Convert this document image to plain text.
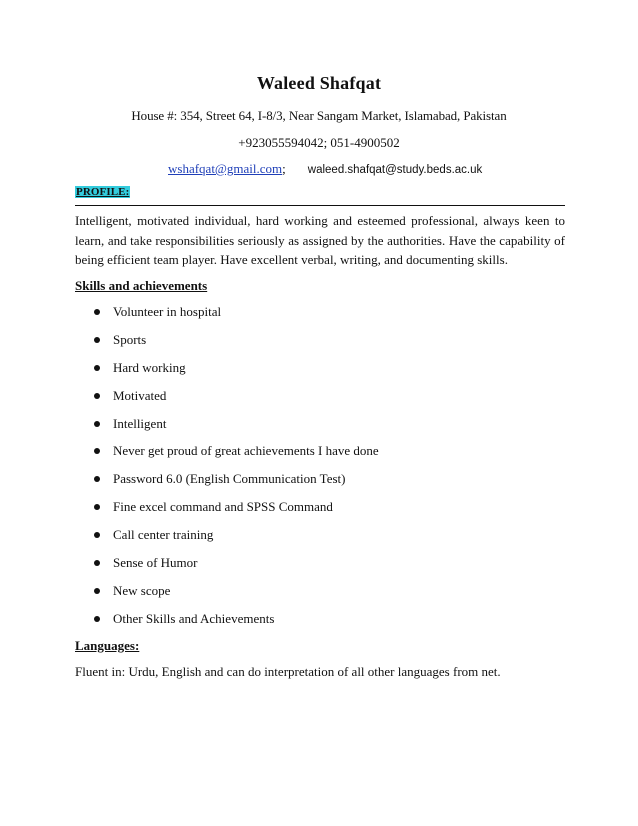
Waleed Shafqat
House #: 354, Street 64, I-8/3, Near Sangam Market, Islamabad, Pakistan
+923055594042; 051-4900502
wshafqat@gmail.com; waleed.shafqat@study.beds.ac.uk
PROFILE:
Intelligent, motivated individual, hard working and esteemed professional, always keen to learn, and take responsibilities seriously as assigned by the authorities. Have the capability of being efficient team player. Have excellent verbal, writing, and documenting skills.
Skills and achievements
Volunteer in hospital
Sports
Hard working
Motivated
Intelligent
Never get proud of great achievements I have done
Password 6.0 (English Communication Test)
Fine excel command and SPSS Command
Call center training
Sense of Humor
New scope
Other Skills and Achievements
Languages:
Fluent in: Urdu, English and can do interpretation of all other languages from net.
